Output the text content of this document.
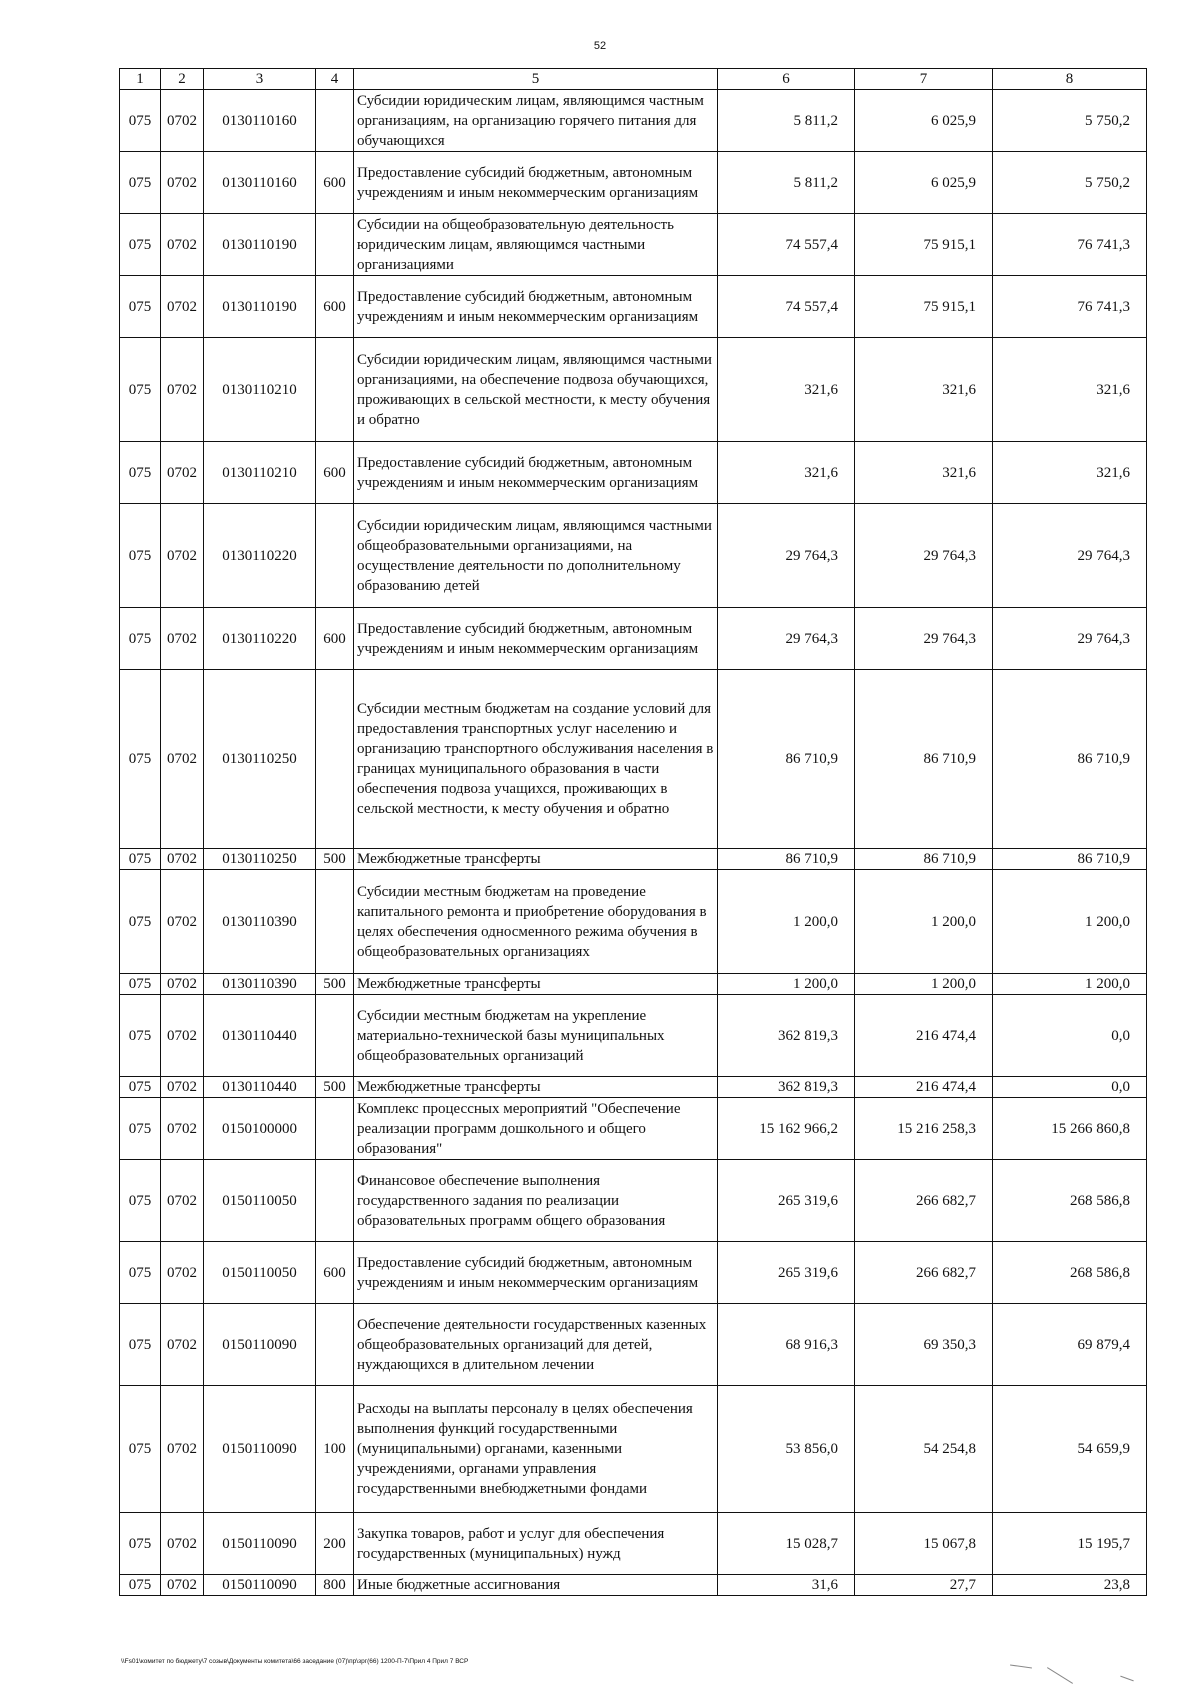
52
1	2	3	4	5	6	7	8
075	0702	0130110160		Субсидии юридическим лицам, являющимся частным организациям, на организацию горячего питания для обучающихся	5 811,2	6 025,9	5 750,2
075	0702	0130110160	600	Предоставление субсидий бюджетным, автономным учреждениям и иным некоммерческим организациям	5 811,2	6 025,9	5 750,2
075	0702	0130110190		Субсидии на общеобразовательную деятельность юридическим лицам, являющимся частными организациями	74 557,4	75 915,1	76 741,3
075	0702	0130110190	600	Предоставление субсидий бюджетным, автономным учреждениям и иным некоммерческим организациям	74 557,4	75 915,1	76 741,3
075	0702	0130110210		Субсидии юридическим лицам, являющимся частными организациями, на обеспечение подвоза обучающихся, проживающих в сельской местности, к месту обучения и обратно	321,6	321,6	321,6
075	0702	0130110210	600	Предоставление субсидий бюджетным, автономным учреждениям и иным некоммерческим организациям	321,6	321,6	321,6
075	0702	0130110220		Субсидии юридическим лицам, являющимся частными общеобразовательными организациями, на осуществление деятельности по дополнительному образованию детей	29 764,3	29 764,3	29 764,3
075	0702	0130110220	600	Предоставление субсидий бюджетным, автономным учреждениям и иным некоммерческим организациям	29 764,3	29 764,3	29 764,3
075	0702	0130110250		Субсидии местным бюджетам на создание условий для предоставления транспортных услуг населению и организацию транспортного обслуживания населения в границах муниципального образования в части обеспечения подвоза учащихся, проживающих в сельской местности, к месту обучения и обратно	86 710,9	86 710,9	86 710,9
075	0702	0130110250	500	Межбюджетные трансферты	86 710,9	86 710,9	86 710,9
075	0702	0130110390		Субсидии местным бюджетам на проведение капитального ремонта и приобретение оборудования в целях обеспечения односменного режима обучения в общеобразовательных организациях	1 200,0	1 200,0	1 200,0
075	0702	0130110390	500	Межбюджетные трансферты	1 200,0	1 200,0	1 200,0
075	0702	0130110440		Субсидии местным бюджетам на укрепление материально-технической базы муниципальных общеобразовательных организаций	362 819,3	216 474,4	0,0
075	0702	0130110440	500	Межбюджетные трансферты	362 819,3	216 474,4	0,0
075	0702	0150100000		Комплекс процессных мероприятий "Обеспечение реализации программ дошкольного и общего образования"	15 162 966,2	15 216 258,3	15 266 860,8
075	0702	0150110050		Финансовое обеспечение выполнения государственного задания по реализации образовательных программ общего образования	265 319,6	266 682,7	268 586,8
075	0702	0150110050	600	Предоставление субсидий бюджетным, автономным учреждениям и иным некоммерческим организациям	265 319,6	266 682,7	268 586,8
075	0702	0150110090		Обеспечение деятельности государственных казенных общеобразовательных организаций для детей, нуждающихся в длительном лечении	68 916,3	69 350,3	69 879,4
075	0702	0150110090	100	Расходы на выплаты персоналу в целях обеспечения выполнения функций государственными (муниципальными) органами, казенными учреждениями, органами управления государственными внебюджетными фондами	53 856,0	54 254,8	54 659,9
075	0702	0150110090	200	Закупка товаров, работ и услуг для обеспечения государственных (муниципальных) нужд	15 028,7	15 067,8	15 195,7
075	0702	0150110090	800	Иные бюджетные ассигнования	31,6	27,7	23,8
\\Fs01\комитет по бюджету\7 созыв\Документы комитета\66 заседание (07)\пр\зрг(66) 1200-П-7\Прил 4 Прил 7 ВСР
